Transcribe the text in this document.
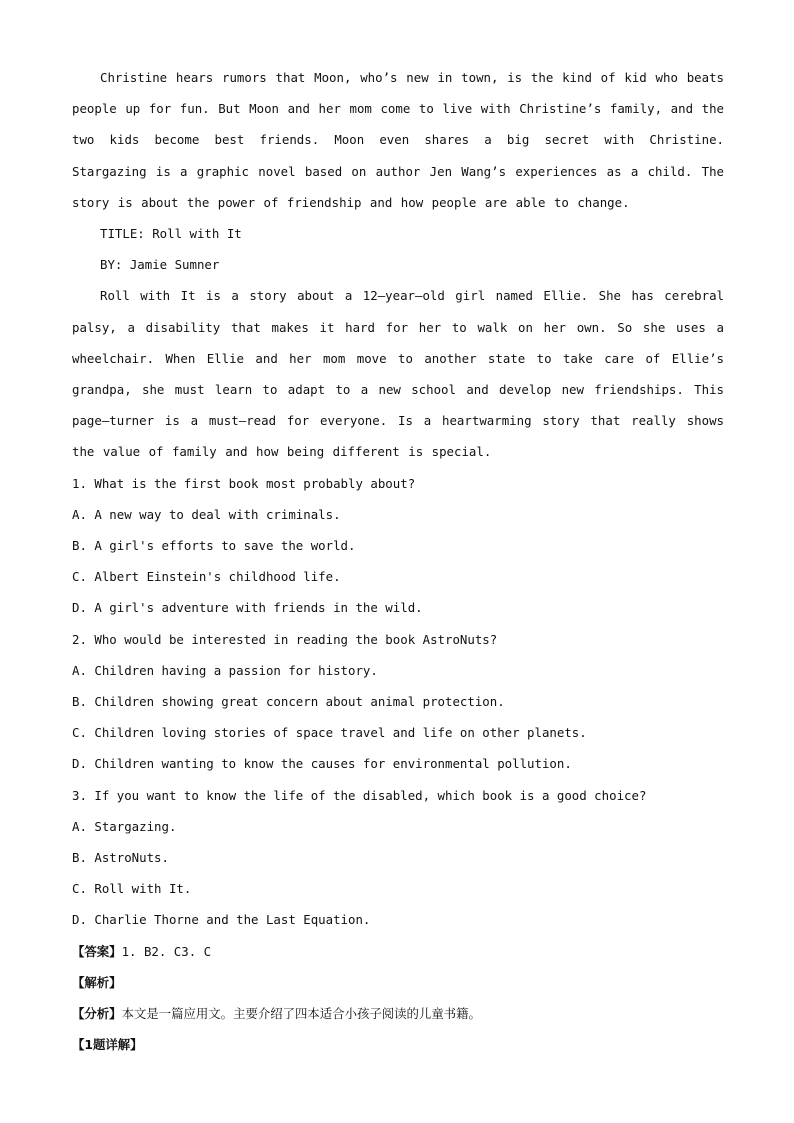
Christine hears rumors that Moon, who’s new in town, is the kind of kid who beats people up for fun. But Moon and her mom come to live with Christine’s family, and the two kids become best friends. Moon even shares a big secret with Christine. Stargazing is a graphic novel based on author Jen Wang’s experiences as a child. The story is about the power of friendship and how people are able to change.

TITLE: Roll with It

BY: Jamie Sumner

Roll with It is a story about a 12–year–old girl named Ellie. She has cerebral palsy, a disability that makes it hard for her to walk on her own. So she uses a wheelchair. When Ellie and her mom move to another state to take care of Ellie’s grandpa, she must learn to adapt to a new school and develop new friendships. This page–turner is a must–read for everyone. Is a heartwarming story that really shows the value of family and how being different is special.

1. What is the first book most probably about?

A. A new way to deal with criminals.

B. A girl's efforts to save the world.

C. Albert Einstein's childhood life.

D. A girl's adventure with friends in the wild.

2. Who would be interested in reading the book AstroNuts?

A. Children having a passion for history.

B. Children showing great concern about animal protection.

C. Children loving stories of space travel and life on other planets.

D. Children wanting to know the causes for environmental pollution.

3. If you want to know the life of the disabled, which book is a good choice?

A. Stargazing.

B. AstroNuts.

C. Roll with It.

D. Charlie Thorne and the Last Equation.

【答案】1. B2. C3. C

【解析】

【分析】本文是一篇应用文。主要介绍了四本适合小孩子阅读的儿童书籍。

【1题详解】
